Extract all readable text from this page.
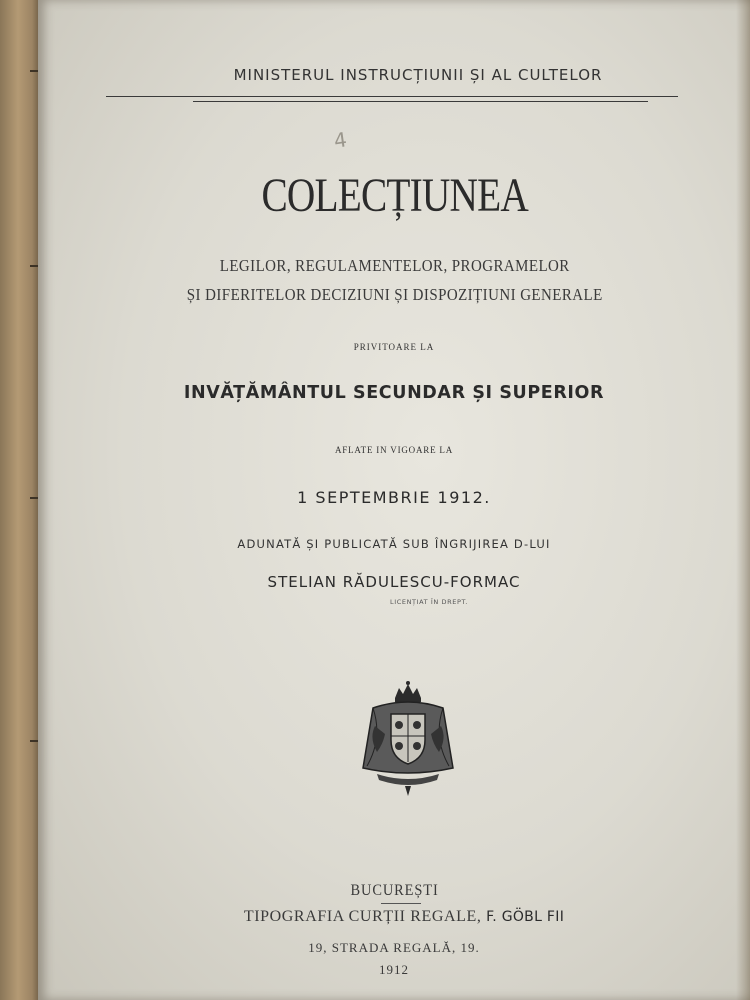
MINISTERUL INSTRUCȚIUNII ȘI AL CULTELOR
4
COLECȚIUNEA
LEGILOR, REGULAMENTELOR, PROGRAMELOR
ȘI DIFERITELOR DECIZIUNI ȘI DISPOZIȚIUNI GENERALE
PRIVITOARE LA
INVĂȚĂMÂNTUL SECUNDAR ȘI SUPERIOR
AFLATE IN VIGOARE LA
1 SEPTEMBRIE 1912.
ADUNATĂ ȘI PUBLICATĂ SUB ÎNGRIJIREA D-LUI
STELIAN RĂDULESCU-FORMAC
LICENȚIAT ÎN DREPT.
BUCUREȘTI
TIPOGRAFIA CURȚII REGALE, F. GÖBL FII
19, STRADA REGALĂ, 19.
1912
